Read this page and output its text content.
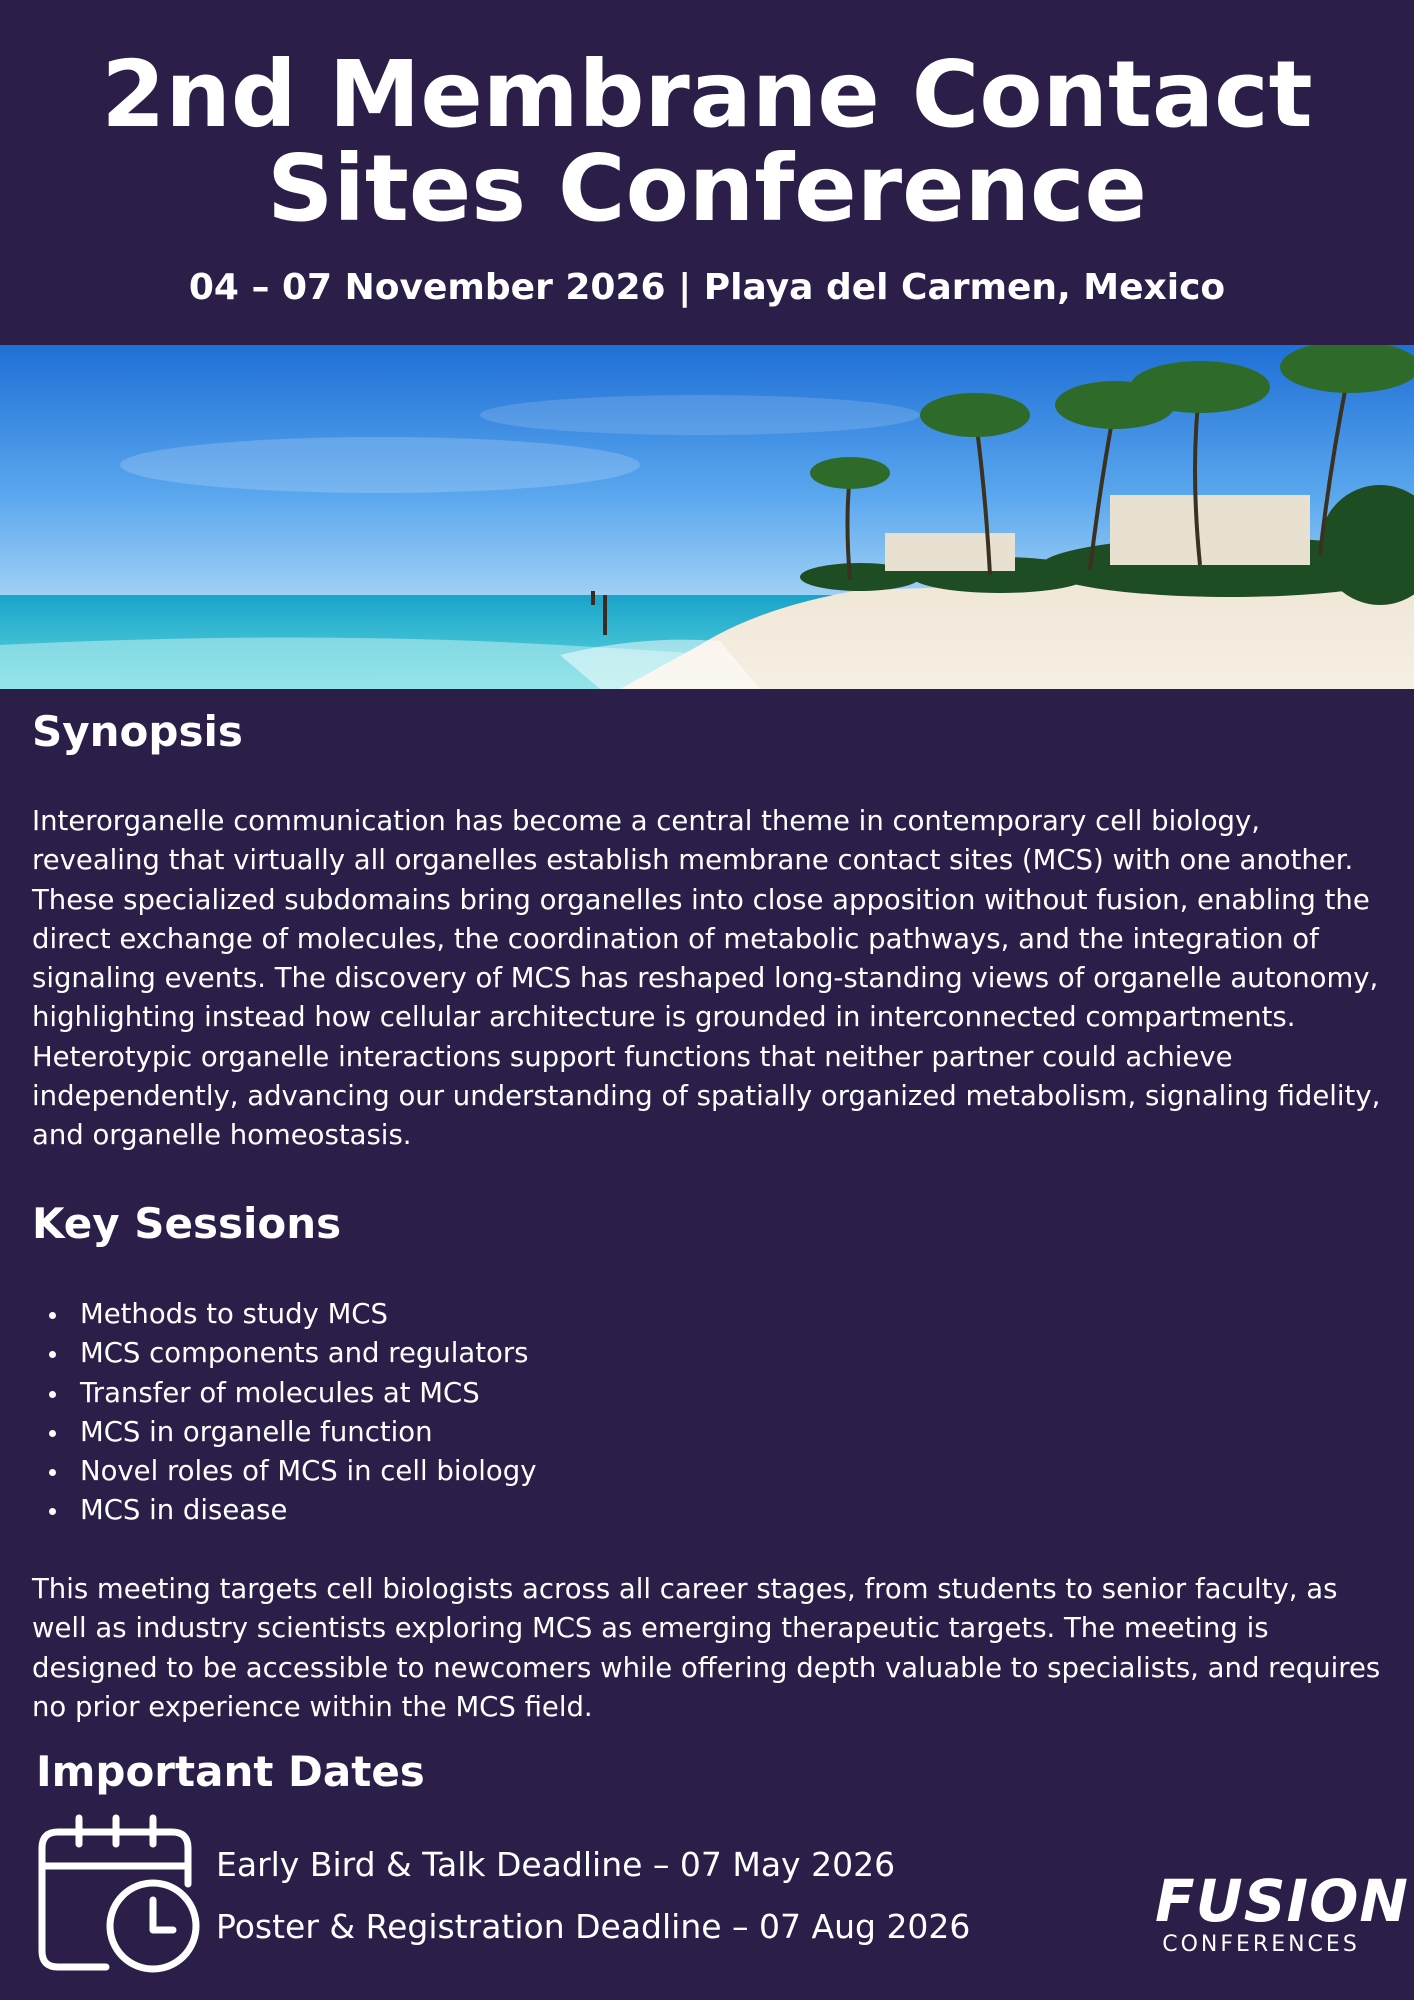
2nd Membrane Contact
Sites Conference
04 – 07 November 2026 | Playa del Carmen, Mexico
Synopsis

Interorganelle communication has become a central theme in contemporary cell biology, revealing that virtually all organelles establish membrane contact sites (MCS) with one another. These specialized subdomains bring organelles into close apposition without fusion, enabling the direct exchange of molecules, the coordination of metabolic pathways, and the integration of signaling events. The discovery of MCS has reshaped long-standing views of organelle autonomy, highlighting instead how cellular architecture is grounded in interconnected compartments. Heterotypic organelle interactions support functions that neither partner could achieve independently, advancing our understanding of spatially organized metabolism, signaling fidelity, and organelle homeostasis.

Key Sessions
Methods to study MCS
MCS components and regulators
Transfer of molecules at MCS
MCS in organelle function
Novel roles of MCS in cell biology
MCS in disease

This meeting targets cell biologists across all career stages, from students to senior faculty, as well as industry scientists exploring MCS as emerging therapeutic targets. The meeting is designed to be accessible to newcomers while offering depth valuable to specialists, and requires no prior experience within the MCS field.

Important Dates
Early Bird & Talk Deadline – 07 May 2026
Poster & Registration Deadline – 07 Aug 2026	FUSION
CONFERENCES
